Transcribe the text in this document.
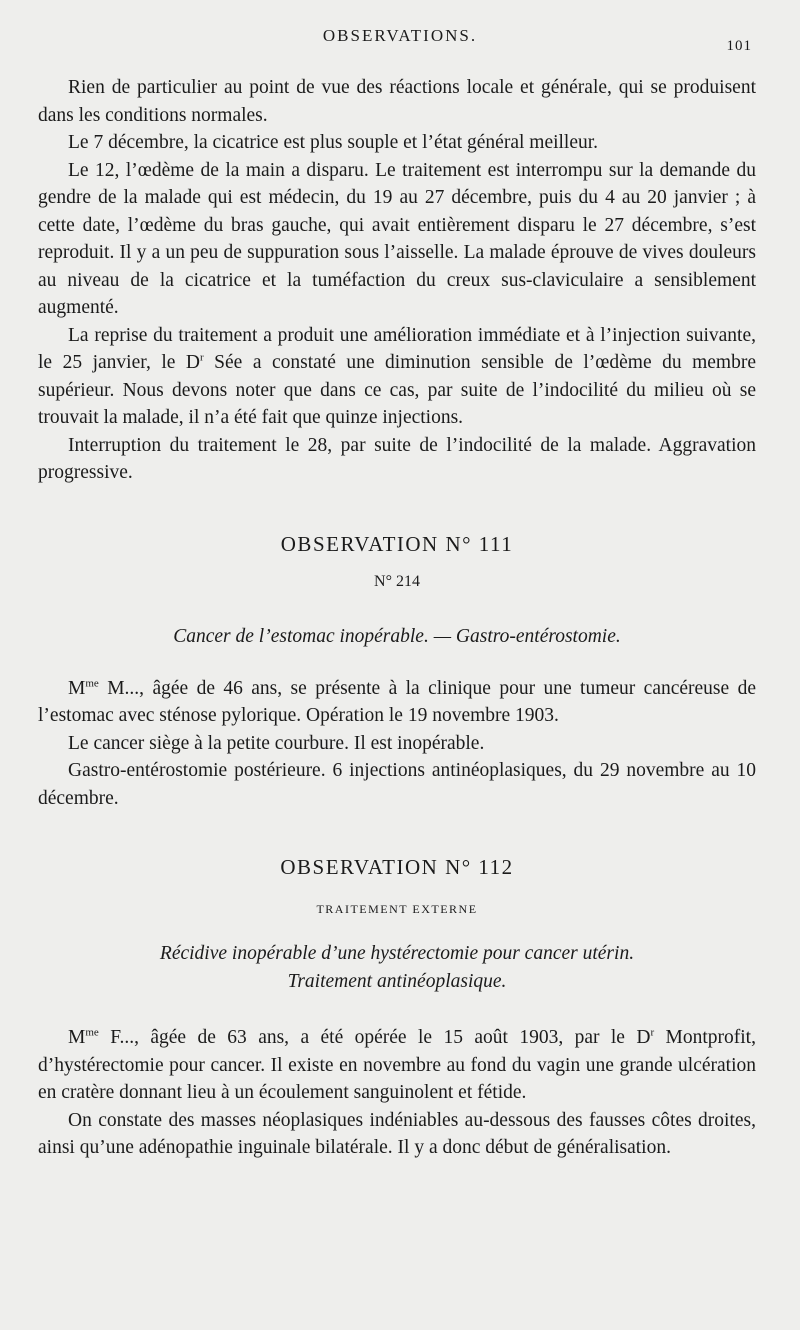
OBSERVATIONS.
101

Rien de particulier au point de vue des réactions locale et générale, qui se produisent dans les conditions normales.

Le 7 décembre, la cicatrice est plus souple et l’état général meilleur.

Le 12, l’œdème de la main a disparu. Le traitement est interrompu sur la demande du gendre de la malade qui est médecin, du 19 au 27 décembre, puis du 4 au 20 janvier ; à cette date, l’œdème du bras gauche, qui avait entièrement disparu le 27 décembre, s’est reproduit. Il y a un peu de suppuration sous l’aisselle. La malade éprouve de vives douleurs au niveau de la cicatrice et la tuméfaction du creux sus-claviculaire a sensiblement augmenté.

La reprise du traitement a produit une amélioration immédiate et à l’injection suivante, le 25 janvier, le $D^r$ Sée a constaté une diminution sensible de l’œdème du membre supérieur. Nous devons noter que dans ce cas, par suite de l’indocilité du milieu où se trouvait la malade, il n’a été fait que quinze injections.

Interruption du traitement le 28, par suite de l’indocilité de la malade. Aggravation progressive.

OBSERVATION N° 111
N° 214
Cancer de l’estomac inopérable. — Gastro-entérostomie.

$M^{me}$ M..., âgée de 46 ans, se présente à la clinique pour une tumeur cancéreuse de l’estomac avec sténose pylorique. Opération le 19 novembre 1903.

Le cancer siège à la petite courbure. Il est inopérable.

Gastro-entérostomie postérieure. 6 injections antinéoplasiques, du 29 novembre au 10 décembre.

OBSERVATION N° 112
TRAITEMENT EXTERNE
Récidive inopérable d’une hystérectomie pour cancer utérin.
Traitement antinéoplasique.

$M^{me}$ F..., âgée de 63 ans, a été opérée le 15 août 1903, par le $D^r$ Montprofit, d’hystérectomie pour cancer. Il existe en novembre au fond du vagin une grande ulcération en cratère donnant lieu à un écoulement sanguinolent et fétide.

On constate des masses néoplasiques indéniables au-dessous des fausses côtes droites, ainsi qu’une adénopathie inguinale bilatérale. Il y a donc début de généralisation.
